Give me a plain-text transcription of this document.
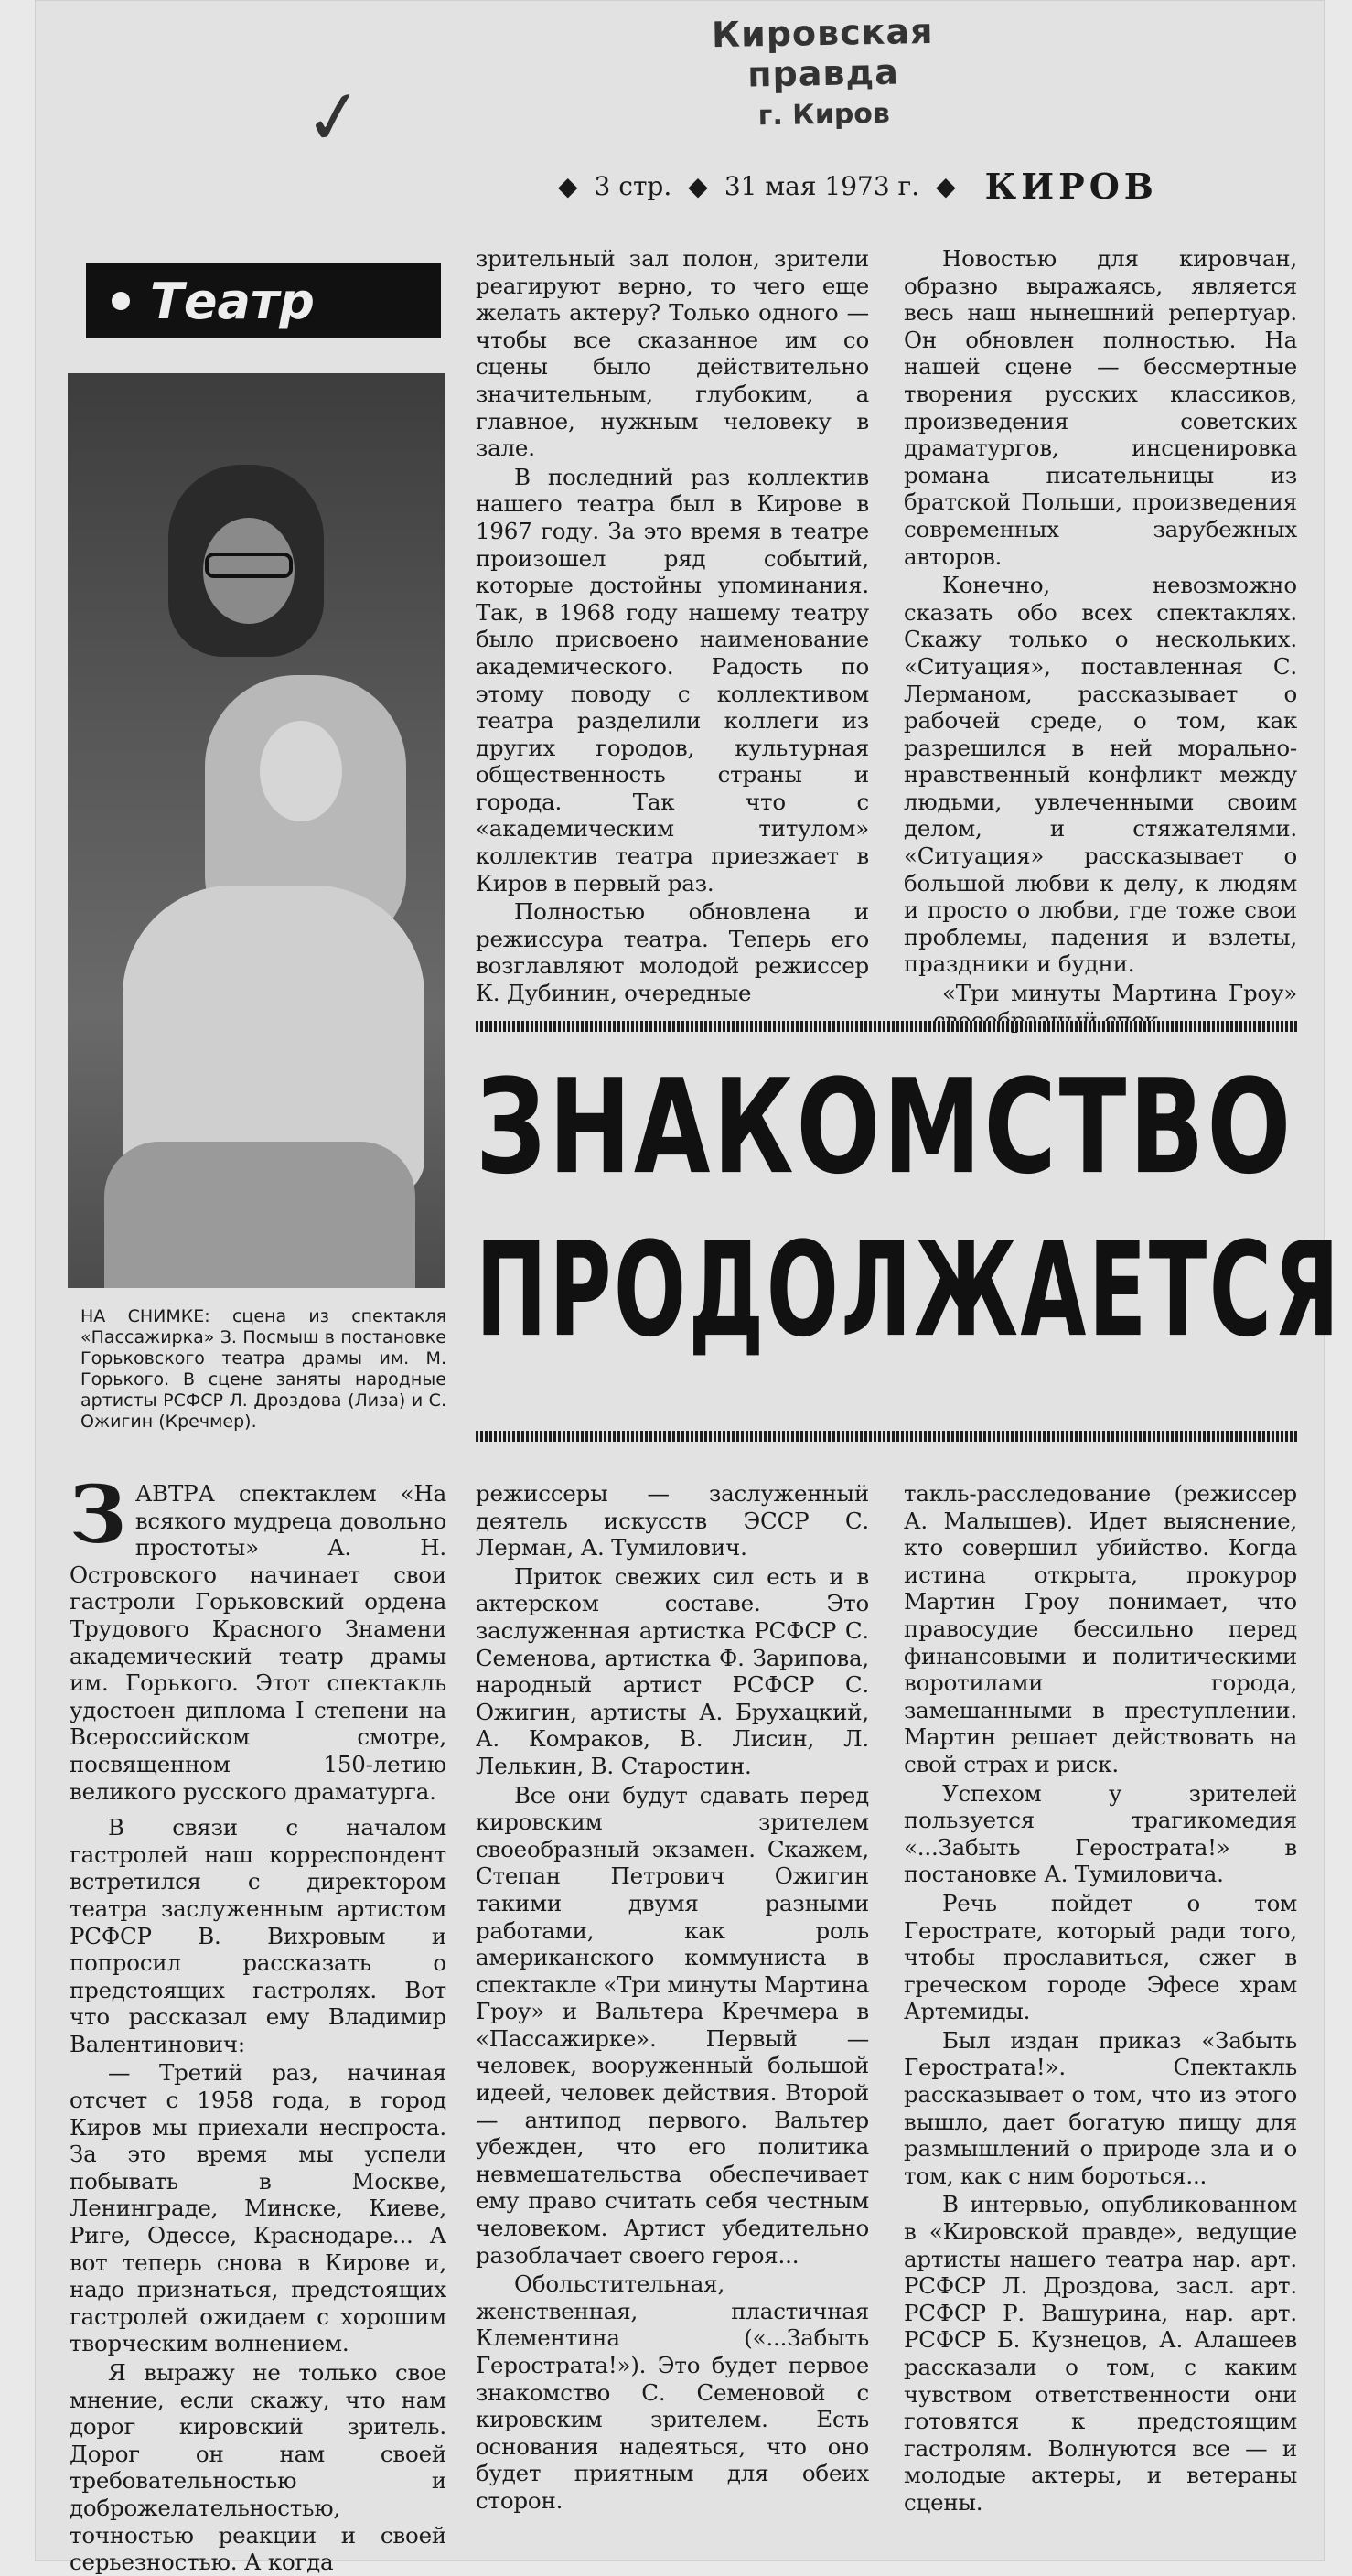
Кировская правда
г. Киров
✓
◆ 3 стр. ◆ 31 мая 1973 г. ◆ КИРОВ
Театр
НА СНИМКЕ: сцена из спектакля «Пассажирка» З. Посмыш в постановке Горьковского театра драмы им. М. Горького. В сцене заняты народные артисты РСФСР Л. Дроздова (Лиза) и С. Ожигин (Кречмер).

зрительный зал полон, зрители реагируют верно, то чего еще желать актеру? Только одного — чтобы все сказанное им со сцены было действительно значительным, глубоким, а главное, нужным человеку в зале.

В последний раз коллектив нашего театра был в Кирове в 1967 году. За это время в театре произошел ряд событий, которые достойны упоминания. Так, в 1968 году нашему театру было присвоено наименование академического. Радость по этому поводу с коллективом театра разделили коллеги из других городов, культурная общественность страны и города. Так что с «академическим титулом» коллектив театра приезжает в Киров в первый раз.

Полностью обновлена и режиссура театра. Теперь его возглавляют молодой режиссер К. Дубинин, очередные

Новостью для кировчан, образно выражаясь, является весь наш нынешний репертуар. Он обновлен полностью. На нашей сцене — бессмертные творения русских классиков, произведения советских драматургов, инсценировка романа писательницы из братской Польши, произведения современных зарубежных авторов.

Конечно, невозможно сказать обо всех спектаклях. Скажу только о нескольких. «Ситуация», поставленная С. Лерманом, рассказывает о рабочей среде, о том, как разрешился в ней морально-нравственный конфликт между людьми, увлеченными своим делом, и стяжателями. «Ситуация» рассказывает о большой любви к делу, к людям и просто о любви, где тоже свои проблемы, падения и взлеты, праздники и будни.

«Три минуты Мартина Гроу»

ЗНАКОМСТВО
ПРОДОЛЖАЕТСЯ

З АВТРА спектаклем «На всякого мудреца довольно простоты» А. Н. Островского начинает свои гастроли Горьковский ордена Трудового Красного Знамени академический театр драмы им. Горького. Этот спектакль удостоен диплома I степени на Всероссийском смотре, посвященном 150-летию великого русского драматурга.

В связи с началом гастролей наш корреспондент встретился с директором театра заслуженным артистом РСФСР В. Вихровым и попросил рассказать о предстоящих гастролях. Вот что рассказал ему Владимир Валентинович:

— Третий раз, начиная отсчет с 1958 года, в город Киров мы приехали неспроста. За это время мы успели побывать в Москве, Ленинграде, Минске, Киеве, Риге, Одессе, Краснодаре... А вот теперь снова в Кирове и, надо признаться, предстоящих гастролей ожидаем с хорошим творческим волнением.

Я выражу не только свое мнение, если скажу, что нам дорог кировский зритель. Дорог он нам своей требовательностью и доброжелательностью, точностью реакции и своей серьезностью. А когда

режиссеры — заслуженный деятель искусств ЭССР С. Лерман, А. Тумилович.

Приток свежих сил есть и в актерском составе. Это заслуженная артистка РСФСР С. Семенова, артистка Ф. Зарипова, народный артист РСФСР С. Ожигин, артисты А. Брухацкий, А. Комраков, В. Лисин, Л. Лелькин, В. Старостин.

Все они будут сдавать перед кировским зрителем своеобразный экзамен. Скажем, Степан Петрович Ожигин такими двумя разными работами, как роль американского коммуниста в спектакле «Три минуты Мартина Гроу» и Вальтера Кречмера в «Пассажирке». Первый — человек, вооруженный большой идеей, человек действия. Второй — антипод первого. Вальтер убежден, что его политика невмешательства обеспечивает ему право считать себя честным человеком. Артист убедительно разоблачает своего героя...

Обольстительная, женственная, пластичная Клементина («...Забыть Герострата!»). Это будет первое знакомство С. Семеновой с кировским зрителем. Есть основания надеяться, что оно будет приятным для обеих сторон.

такль-расследование (режиссер А. Малышев). Идет выяснение, кто совершил убийство. Когда истина открыта, прокурор Мартин Гроу понимает, что правосудие бессильно перед финансовыми и политическими воротилами города, замешанными в преступлении. Мартин решает действовать на свой страх и риск.

Успехом у зрителей пользуется трагикомедия «...Забыть Герострата!» в постановке А. Тумиловича.

Речь пойдет о том Герострате, который ради того, чтобы прославиться, сжег в греческом городе Эфесе храм Артемиды.

Был издан приказ «Забыть Герострата!». Спектакль рассказывает о том, что из этого вышло, дает богатую пищу для размышлений о природе зла и о том, как с ним бороться...

В интервью, опубликованном в «Кировской правде», ведущие артисты нашего театра нар. арт. РСФСР Л. Дроздова, засл. арт. РСФСР Р. Вашурина, нар. арт. РСФСР Б. Кузнецов, А. Алашеев рассказали о том, с каким чувством ответственности они готовятся к предстоящим гастролям. Волнуются все — и молодые актеры, и ветераны сцены.
